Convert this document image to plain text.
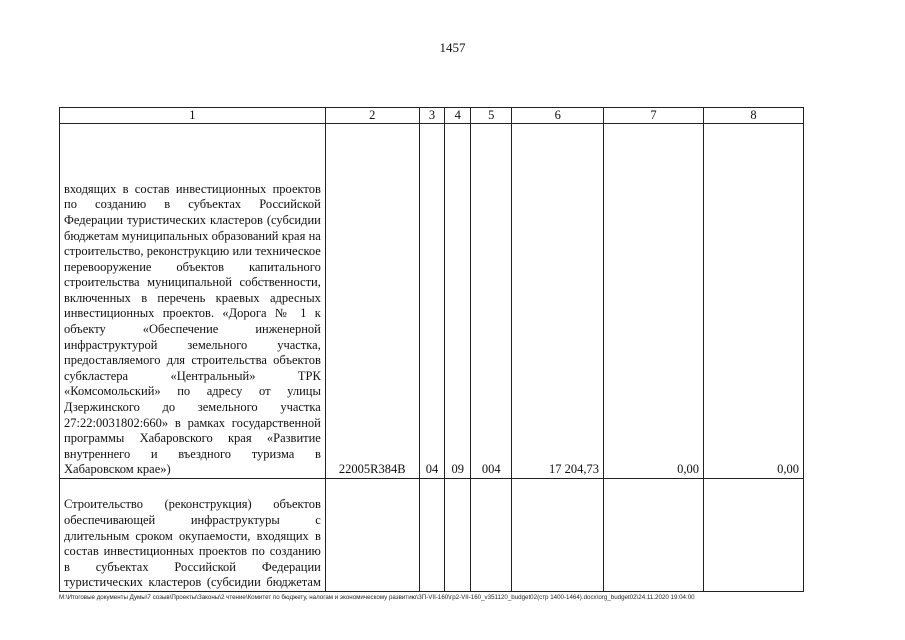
1457
1	2	3	4	5	6	7	8
входящих в состав инвестиционных проектов по созданию в субъектах Российской Федерации туристических кластеров (субсидии бюджетам муниципальных образований края на строительство, реконструкцию или техническое перевооружение объектов капитального строительства муниципальной собственности, включенных в перечень краевых адресных инвестиционных проектов. «Дорога № 1 к объекту «Обеспечение инженерной инфраструктурой земельного участка, предоставляемого для строительства объектов субкластера «Центральный» ТРК «Комсомольский» по адресу от улицы Дзержинского до земельного участка 27:22:0031802:660» в рамках государственной программы Хабаровского края «Развитие внутреннего и въездного туризма в Хабаровском крае»)	22005R384B	04	09	004	17 204,73	0,00	0,00
Строительство (реконструкция) объектов обеспечивающей инфраструктуры с длительным сроком окупаемости, входящих в состав инвестиционных проектов по созданию в субъектах Российской Федерации туристических кластеров (субсидии бюджетам							
M:\Итоговые документы Думы\7 созыв\Проекты\Законы\2 чтение\Комитет по бюджету, налогам и экономическому развитию\ЗП-VII-160\гр2-VII-160_v351120_budget02(стр 1400-1464).docx\org_budget02\24.11.2020 19:04:00
